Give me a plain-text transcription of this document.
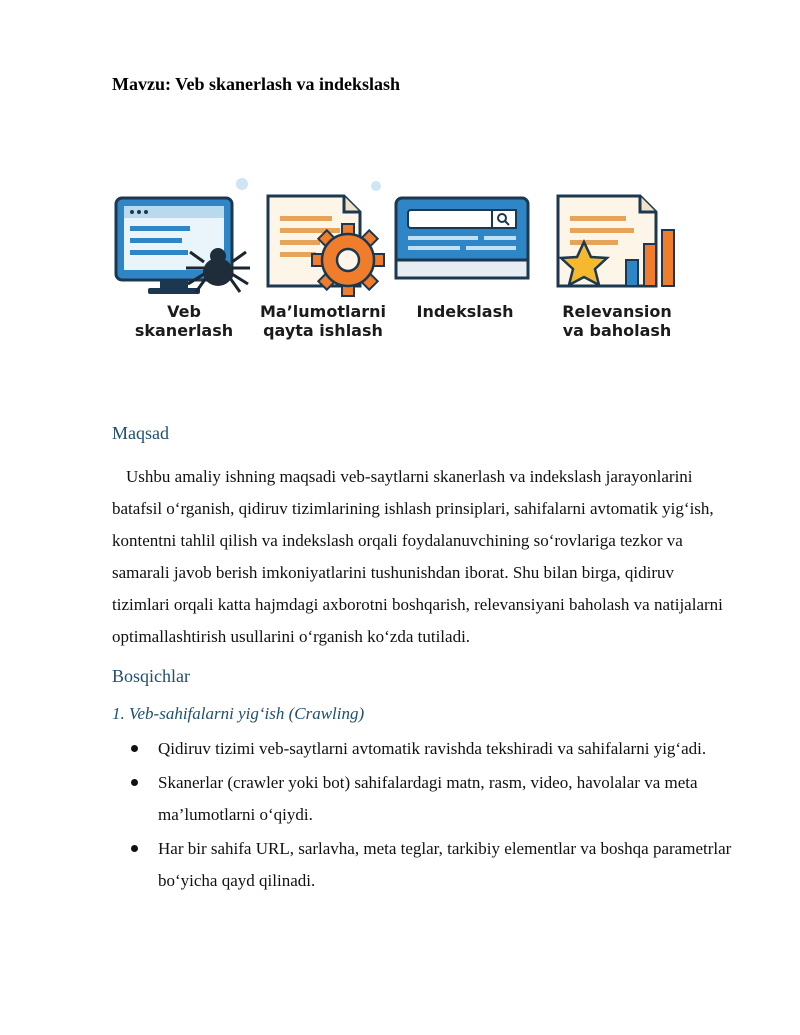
Mavzu: Veb skanerlash va indekslash
Veb
skanerlash
Ma’lumotlarni
qayta ishlash
Indekslash	Relevansion
va baholash
Maqsad

Ushbu amaliy ishning maqsadi veb-saytlarni skanerlash va indekslash jarayonlarini batafsil o‘rganish, qidiruv tizimlarining ishlash prinsiplari, sahifalarni avtomatik yig‘ish, kontentni tahlil qilish va indekslash orqali foydalanuvchining so‘rovlariga tezkor va samarali javob berish imkoniyatlarini tushunishdan iborat. Shu bilan birga, qidiruv tizimlari orqali katta hajmdagi axborotni boshqarish, relevansiyani baholash va natijalarni optimallashtirish usullarini o‘rganish ko‘zda tutiladi.

Bosqichlar
1. Veb-sahifalarni yig‘ish (Crawling)
Qidiruv tizimi veb-saytlarni avtomatik ravishda tekshiradi va sahifalarni yig‘adi.
Skanerlar (crawler yoki bot) sahifalardagi matn, rasm, video, havolalar va meta ma’lumotlarni o‘qiydi.
Har bir sahifa URL, sarlavha, meta teglar, tarkibiy elementlar va boshqa parametrlar bo‘yicha qayd qilinadi.
